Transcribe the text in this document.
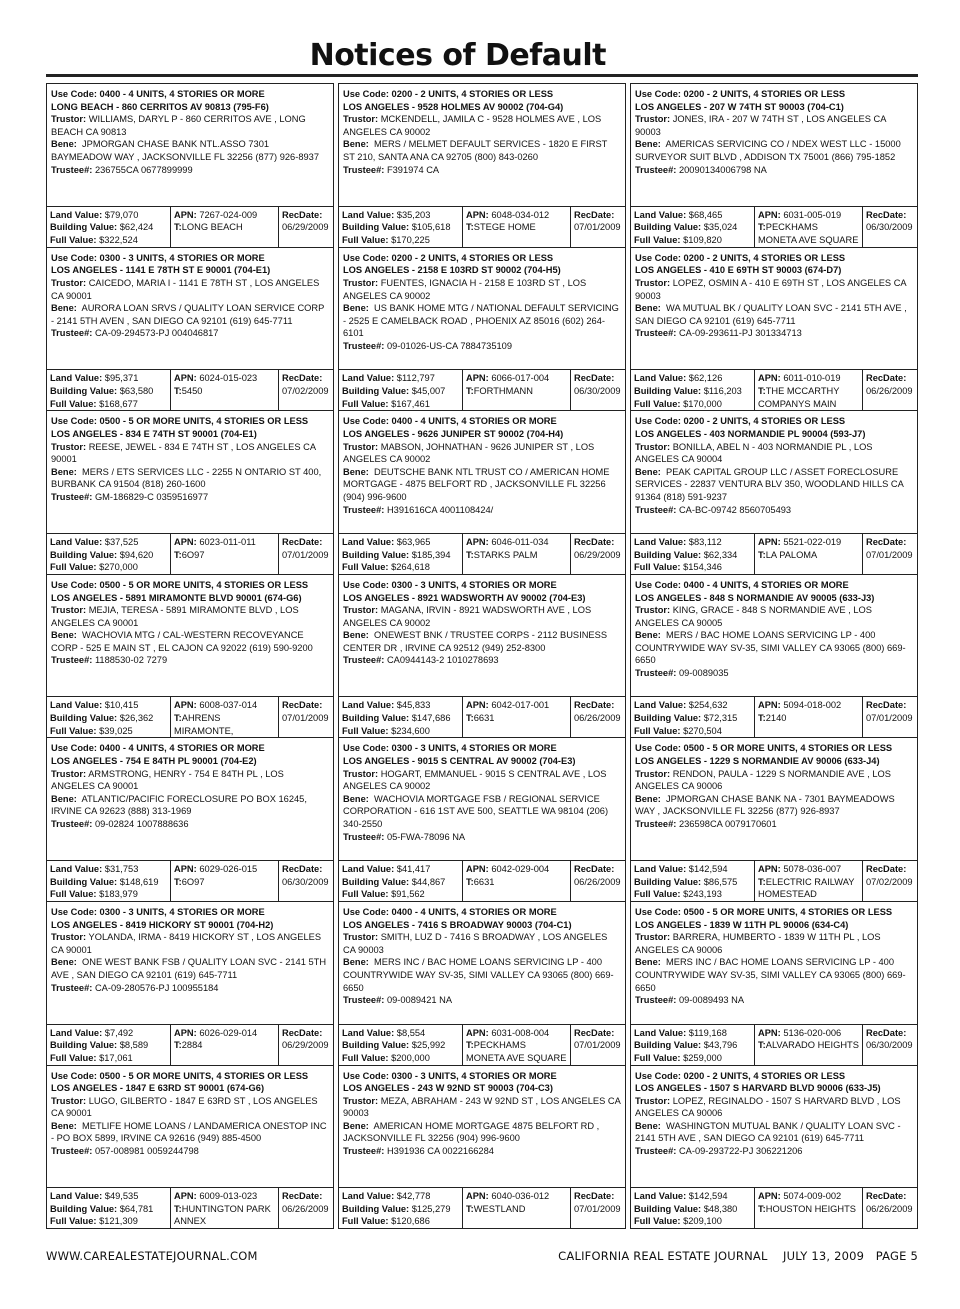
Notices of Default
Use Code: 0400 - 4 UNITS, 4 STORIES OR MORE
LONG BEACH - 860 CERRITOS AV 90813 (795-F6)
Trustor: WILLIAMS, DARYL P - 860 CERRITOS AVE , LONG BEACH CA 90813
Bene: JPMORGAN CHASE BANK NTL.ASSO 7301 BAYMEADOW WAY , JACKSONVILLE FL 32256 (877) 926-8937
Trustee#: 236755CA 0677899999
Land Value: $79,070
Building Value: $62,424
Full Value: $322,524
APN: 7267-024-009
T:LONG BEACH
RecDate:
06/29/2009
Use Code: 0300 - 3 UNITS, 4 STORIES OR MORE
LOS ANGELES - 1141 E 78TH ST E 90001 (704-E1)
Trustor: CAICEDO, MARIA I - 1141 E 78TH ST , LOS ANGELES CA 90001
Bene: AURORA LOAN SRVS / QUALITY LOAN SERVICE CORP - 2141 5TH AVEN , SAN DIEGO CA 92101 (619) 645-7711
Trustee#: CA-09-294573-PJ 004046817
Land Value: $95,371
Building Value: $63,580
Full Value: $168,677
APN: 6024-015-023
T:5450
RecDate:
07/02/2009
Use Code: 0500 - 5 OR MORE UNITS, 4 STORIES OR LESS
LOS ANGELES - 834 E 74TH ST 90001 (704-E1)
Trustor: REESE, JEWEL - 834 E 74TH ST , LOS ANGELES CA 90001
Bene: MERS / ETS SERVICES LLC - 2255 N ONTARIO ST 400, BURBANK CA 91504 (818) 260-1600
Trustee#: GM-186829-C 0359516977
Land Value: $37,525
Building Value: $94,620
Full Value: $270,000
APN: 6023-011-011
T:6O97
RecDate:
07/01/2009
Use Code: 0500 - 5 OR MORE UNITS, 4 STORIES OR LESS
LOS ANGELES - 5891 MIRAMONTE BLVD 90001 (674-G6)
Trustor: MEJIA, TERESA - 5891 MIRAMONTE BLVD , LOS ANGELES CA 90001
Bene: WACHOVIA MTG / CAL-WESTERN RECOVEYANCE CORP - 525 E MAIN ST , EL CAJON CA 92022 (619) 590-9200
Trustee#: 1188530-02 7279
Land Value: $10,415
Building Value: $26,362
Full Value: $39,025
APN: 6008-037-014
T:AHRENS MIRAMONTE,
RecDate:
07/01/2009
Use Code: 0400 - 4 UNITS, 4 STORIES OR MORE
LOS ANGELES - 754 E 84TH PL 90001 (704-E2)
Trustor: ARMSTRONG, HENRY - 754 E 84TH PL , LOS ANGELES CA 90001
Bene: ATLANTIC/PACIFIC FORECLOSURE PO BOX 16245, IRVINE CA 92623 (888) 313-1969
Trustee#: 09-02824 1007888636
Land Value: $31,753
Building Value: $148,619
Full Value: $183,979
APN: 6029-026-015
T:6O97
RecDate:
06/30/2009
Use Code: 0300 - 3 UNITS, 4 STORIES OR MORE
LOS ANGELES - 8419 HICKORY ST 90001 (704-H2)
Trustor: YOLANDA, IRMA - 8419 HICKORY ST , LOS ANGELES CA 90001
Bene: ONE WEST BANK FSB / QUALITY LOAN SVC - 2141 5TH AVE , SAN DIEGO CA 92101 (619) 645-7711
Trustee#: CA-09-280576-PJ 100955184
Land Value: $7,492
Building Value: $8,589
Full Value: $17,061
APN: 6026-029-014
T:2884
RecDate:
06/29/2009
Use Code: 0500 - 5 OR MORE UNITS, 4 STORIES OR LESS
LOS ANGELES - 1847 E 63RD ST 90001 (674-G6)
Trustor: LUGO, GILBERTO - 1847 E 63RD ST , LOS ANGELES CA 90001
Bene: METLIFE HOME LOANS / LANDAMERICA ONESTOP INC - PO BOX 5899, IRVINE CA 92616 (949) 885-4500
Trustee#: 057-008981 0059244798
Land Value: $49,535
Building Value: $64,781
Full Value: $121,309
APN: 6009-013-023
T:HUNTINGTON PARK ANNEX
RecDate:
06/26/2009
Use Code: 0200 - 2 UNITS, 4 STORIES OR LESS
LOS ANGELES - 9528 HOLMES AV 90002 (704-G4)
Trustor: MCKENDELL, JAMILA C - 9528 HOLMES AVE , LOS ANGELES CA 90002
Bene: MERS / MELMET DEFAULT SERVICES - 1820 E FIRST ST 210, SANTA ANA CA 92705 (800) 843-0260
Trustee#: F391974 CA
Land Value: $35,203
Building Value: $105,618
Full Value: $170,225
APN: 6048-034-012
T:STEGE HOME
RecDate:
07/01/2009
Use Code: 0200 - 2 UNITS, 4 STORIES OR LESS
LOS ANGELES - 2158 E 103RD ST 90002 (704-H5)
Trustor: FUENTES, IGNACIA H - 2158 E 103RD ST , LOS ANGELES CA 90002
Bene: US BANK HOME MTG / NATIONAL DEFAULT SERVICING - 2525 E CAMELBACK ROAD , PHOENIX AZ 85016 (602) 264-6101
Trustee#: 09-01026-US-CA 7884735109
Land Value: $112,797
Building Value: $45,007
Full Value: $167,461
APN: 6066-017-004
T:FORTHMANN
RecDate:
06/30/2009
Use Code: 0400 - 4 UNITS, 4 STORIES OR MORE
LOS ANGELES - 9626 JUNIPER ST 90002 (704-H4)
Trustor: MABSON, JOHNATHAN - 9626 JUNIPER ST , LOS ANGELES CA 90002
Bene: DEUTSCHE BANK NTL TRUST CO / AMERICAN HOME MORTGAGE - 4875 BELFORT RD , JACKSONVILLE FL 32256 (904) 996-9600
Trustee#: H391616CA 4001108424/
Land Value: $63,965
Building Value: $185,394
Full Value: $264,618
APN: 6046-011-034
T:STARKS PALM
RecDate:
06/29/2009
Use Code: 0300 - 3 UNITS, 4 STORIES OR MORE
LOS ANGELES - 8921 WADSWORTH AV 90002 (704-E3)
Trustor: MAGANA, IRVIN - 8921 WADSWORTH AVE , LOS ANGELES CA 90002
Bene: ONEWEST BNK / TRUSTEE CORPS - 2112 BUSINESS CENTER DR , IRVINE CA 92512 (949) 252-8300
Trustee#: CA0944143-2 1010278693
Land Value: $45,833
Building Value: $147,686
Full Value: $234,600
APN: 6042-017-001
T:6631
RecDate:
06/26/2009
Use Code: 0300 - 3 UNITS, 4 STORIES OR MORE
LOS ANGELES - 9015 S CENTRAL AV 90002 (704-E3)
Trustor: HOGART, EMMANUEL - 9015 S CENTRAL AVE , LOS ANGELES CA 90002
Bene: WACHOVIA MORTGAGE FSB / REGIONAL SERVICE CORPORATION - 616 1ST AVE 500, SEATTLE WA 98104 (206) 340-2550
Trustee#: 05-FWA-78096 NA
Land Value: $41,417
Building Value: $44,867
Full Value: $91,562
APN: 6042-029-004
T:6631
RecDate:
06/26/2009
Use Code: 0400 - 4 UNITS, 4 STORIES OR MORE
LOS ANGELES - 7416 S BROADWAY 90003 (704-C1)
Trustor: SMITH, LUZ D - 7416 S BROADWAY , LOS ANGELES CA 90003
Bene: MERS INC / BAC HOME LOANS SERVICING LP - 400 COUNTRYWIDE WAY SV-35, SIMI VALLEY CA 93065 (800) 669-6650
Trustee#: 09-0089421 NA
Land Value: $8,554
Building Value: $25,992
Full Value: $200,000
APN: 6031-008-004
T:PECKHAMS MONETA AVE SQUARE
RecDate:
07/01/2009
Use Code: 0300 - 3 UNITS, 4 STORIES OR MORE
LOS ANGELES - 243 W 92ND ST 90003 (704-C3)
Trustor: MEZA, ABRAHAM - 243 W 92ND ST , LOS ANGELES CA 90003
Bene: AMERICAN HOME MORTGAGE 4875 BELFORT RD , JACKSONVILLE FL 32256 (904) 996-9600
Trustee#: H391936 CA 0022166284
Land Value: $42,778
Building Value: $125,279
Full Value: $120,686
APN: 6040-036-012
T:WESTLAND
RecDate:
07/01/2009
Use Code: 0200 - 2 UNITS, 4 STORIES OR LESS
LOS ANGELES - 207 W 74TH ST 90003 (704-C1)
Trustor: JONES, IRA - 207 W 74TH ST , LOS ANGELES CA 90003
Bene: AMERICAS SERVICING CO / NDEX WEST LLC - 15000 SURVEYOR SUIT BLVD , ADDISON TX 75001 (866) 795-1852
Trustee#: 20090134006798 NA
Land Value: $68,465
Building Value: $35,024
Full Value: $109,820
APN: 6031-005-019
T:PECKHAMS MONETA AVE SQUARE
RecDate:
06/30/2009
Use Code: 0200 - 2 UNITS, 4 STORIES OR LESS
LOS ANGELES - 410 E 69TH ST 90003 (674-D7)
Trustor: LOPEZ, OSMIN A - 410 E 69TH ST , LOS ANGELES CA 90003
Bene: WA MUTUAL BK / QUALITY LOAN SVC - 2141 5TH AVE , SAN DIEGO CA 92101 (619) 645-7711
Trustee#: CA-09-293611-PJ 301334713
Land Value: $62,126
Building Value: $116,203
Full Value: $170,000
APN: 6011-010-019
T:THE MCCARTHY COMPANYS MAIN
RecDate:
06/26/2009
Use Code: 0200 - 2 UNITS, 4 STORIES OR LESS
LOS ANGELES - 403 NORMANDIE PL 90004 (593-J7)
Trustor: BONILLA, ABEL N - 403 NORMANDIE PL , LOS ANGELES CA 90004
Bene: PEAK CAPITAL GROUP LLC / ASSET FORECLOSURE SERVICES - 22837 VENTURA BLV 350, WOODLAND HILLS CA 91364 (818) 591-9237
Trustee#: CA-BC-09742 8560705493
Land Value: $83,112
Building Value: $62,334
Full Value: $154,346
APN: 5521-022-019
T:LA PALOMA
RecDate:
07/01/2009
Use Code: 0400 - 4 UNITS, 4 STORIES OR MORE
LOS ANGELES - 848 S NORMANDIE AV 90005 (633-J3)
Trustor: KING, GRACE - 848 S NORMANDIE AVE , LOS ANGELES CA 90005
Bene: MERS / BAC HOME LOANS SERVICING LP - 400 COUNTRYWIDE WAY SV-35, SIMI VALLEY CA 93065 (800) 669-6650
Trustee#: 09-0089035
Land Value: $254,632
Building Value: $72,315
Full Value: $270,504
APN: 5094-018-002
T:2140
RecDate:
07/01/2009
Use Code: 0500 - 5 OR MORE UNITS, 4 STORIES OR LESS
LOS ANGELES - 1229 S NORMANDIE AV 90006 (633-J4)
Trustor: RENDON, PAULA - 1229 S NORMANDIE AVE , LOS ANGELES CA 90006
Bene: JPMORGAN CHASE BANK NA - 7301 BAYMEADOWS WAY , JACKSONVILLE FL 32256 (877) 926-8937
Trustee#: 236598CA 0079170601
Land Value: $142,594
Building Value: $86,575
Full Value: $243,193
APN: 5078-036-007
T:ELECTRIC RAILWAY HOMESTEAD
RecDate:
07/02/2009
Use Code: 0500 - 5 OR MORE UNITS, 4 STORIES OR LESS
LOS ANGELES - 1839 W 11TH PL 90006 (634-C4)
Trustor: BARRERA, HUMBERTO - 1839 W 11TH PL , LOS ANGELES CA 90006
Bene: MERS INC / BAC HOME LOANS SERVICING LP - 400 COUNTRYWIDE WAY SV-35, SIMI VALLEY CA 93065 (800) 669-6650
Trustee#: 09-0089493 NA
Land Value: $119,168
Building Value: $43,796
Full Value: $259,000
APN: 5136-020-006
T:ALVARADO HEIGHTS
RecDate:
06/30/2009
Use Code: 0200 - 2 UNITS, 4 STORIES OR LESS
LOS ANGELES - 1507 S HARVARD BLVD 90006 (633-J5)
Trustor: LOPEZ, REGINALDO - 1507 S HARVARD BLVD , LOS ANGELES CA 90006
Bene: WASHINGTON MUTUAL BANK / QUALITY LOAN SVC - 2141 5TH AVE , SAN DIEGO CA 92101 (619) 645-7711
Trustee#: CA-09-293722-PJ 306221206
Land Value: $142,594
Building Value: $48,380
Full Value: $209,100
APN: 5074-009-002
T:HOUSTON HEIGHTS
RecDate:
06/26/2009
WWW.CAREALESTATEJOURNAL.COM	CALIFORNIA REAL ESTATE JOURNAL JULY 13, 2009 PAGE 5
